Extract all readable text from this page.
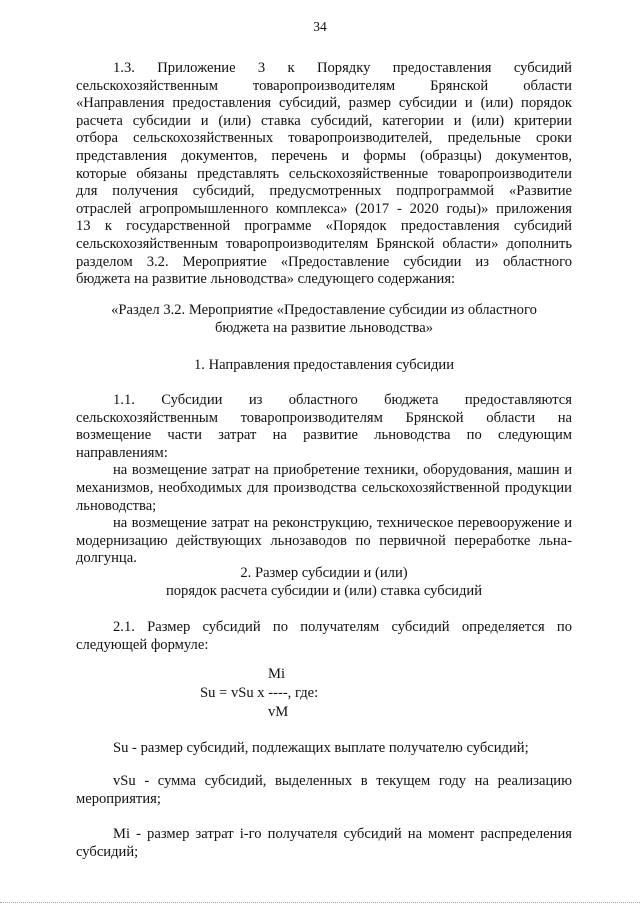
34

1.3. Приложение 3 к Порядку предоставления субсидий

сельскохозяйственным товаропроизводителям Брянской области

«Направления предоставления субсидий, размер субсидии и (или) порядок

расчета субсидии и (или) ставка субсидий, категории и (или) критерии

отбора сельскохозяйственных товаропроизводителей, предельные сроки

представления документов, перечень и формы (образцы) документов,

которые обязаны представлять сельскохозяйственные товаропроизводители

для получения субсидий, предусмотренных подпрограммой «Развитие

отраслей агропромышленного комплекса» (2017 - 2020 годы)» приложения

13 к государственной программе «Порядок предоставления субсидий

сельскохозяйственным товаропроизводителям Брянской области» дополнить

разделом 3.2. Мероприятие «Предоставление субсидии из областного

бюджета на развитие льноводства» следующего содержания:

«Раздел 3.2. Мероприятие «Предоставление субсидии из областного

бюджета на развитие льноводства»

1. Направления предоставления субсидии

1.1. Субсидии из областного бюджета предоставляются

сельскохозяйственным товаропроизводителям Брянской области на

возмещение части затрат на развитие льноводства по следующим

направлениям:

на возмещение затрат на приобретение техники, оборудования, машин и механизмов, необходимых для производства сельскохозяйственной продукции льноводства;

на возмещение затрат на реконструкцию, техническое перевооружение и модернизацию действующих льнозаводов по первичной переработке льна-долгунца.

2. Размер субсидии и (или)

порядок расчета субсидии и (или) ставка субсидий

2.1. Размер субсидий по получателям субсидий определяется по

следующей формуле:

Mi
Su = vSu x ----, где:
vM

Su - размер субсидий, подлежащих выплате получателю субсидий;

vSu - сумма субсидий, выделенных в текущем году на реализацию мероприятия;

Mi - размер затрат i-го получателя субсидий на момент распределения субсидий;
